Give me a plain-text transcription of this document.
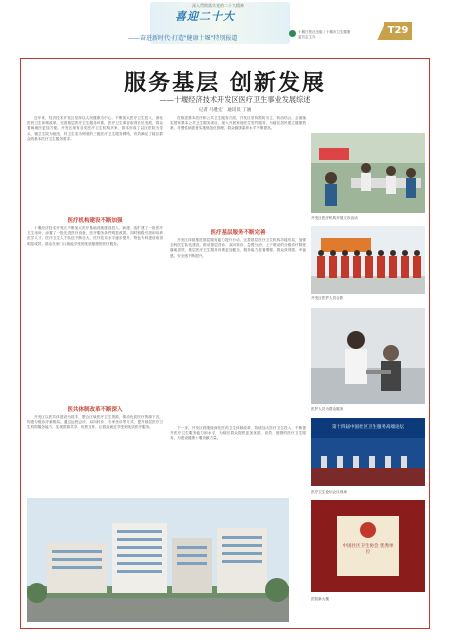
深入贯彻落实党的二十大精神
喜迎二十大
——奋进新时代·打造"健康十堰"特别报道
十堰日报社出版 / 十堰市卫生健康委员会主办
T29
服务基层 创新发展
——十堰经济技术开发区医疗卫生事业发展综述
记者 马胜宏　通讯员 丁涵

近年来，经济技术开发区坚持以人民健康为中心，不断加大医疗卫生投入，深化医药卫生体制改革，完善基层医疗卫生服务体系，医疗卫生事业取得长足发展，群众看病就医更加方便。开发区现有各类医疗卫生机构多家，基本形成了以区医院为龙头、镇卫生院为枢纽、村卫生室为网底的三级医疗卫生服务网络，有效满足了辖区群众的基本医疗卫生服务需求。

医疗机构建设不断加强

十堰经济技术开发区不断加大医疗基础设施建设投入，新建、改扩建了一批医疗卫生用房，添置了一批先进医疗设备，医疗服务条件明显改善。同时积极引进和培养医学人才，医疗卫生人才队伍不断壮大，医疗技术水平逐步提升，特色专科建设取得明显成效，群众在家门口就能享受到优质便捷的医疗服务。

医共体制改革不断深入

开发区以医共体建设为抓手，整合区域医疗卫生资源，推动优质医疗资源下沉，构建分级诊疗新格局。通过远程会诊、双向转诊、专家坐诊等方式，提升基层医疗卫生机构服务能力，实现资源共享、优势互补，让群众就近享受到优质医疗服务。

在推进基本医疗和公共卫生服务方面，开发区坚持预防为主、防治结合，全面落实国家基本公共卫生服务项目，深入开展家庭医生签约服务，为辖区居民建立健康档案，对慢性病患者实施规范化管理，群众健康素养水平不断提高。

医疗基层服务不断完善

开发区持续推进基层服务能力提升行动，完善基层医疗卫生机构功能布局，加强全科医生队伍建设，推动基层首诊、双向转诊、急慢分治、上下联动的分级诊疗制度落地见效，基层医疗卫生服务体系更加健全，服务能力显著增强，群众获得感、幸福感、安全感不断提升。

下一步，开发区将继续深化医药卫生体制改革，持续加大医疗卫生投入，不断提升医疗卫生服务能力和水平，为辖区群众提供更加优质、高效、便捷的医疗卫生服务，为建设健康十堰贡献力量。

开发区医疗机构开展义诊活动
开发区医护人员合影
医护人员为群众服务
第十四届中国社区卫生服务高端论坛
医疗卫生论坛会议现场
中国社区卫生协会 优秀单位
医院新大楼
